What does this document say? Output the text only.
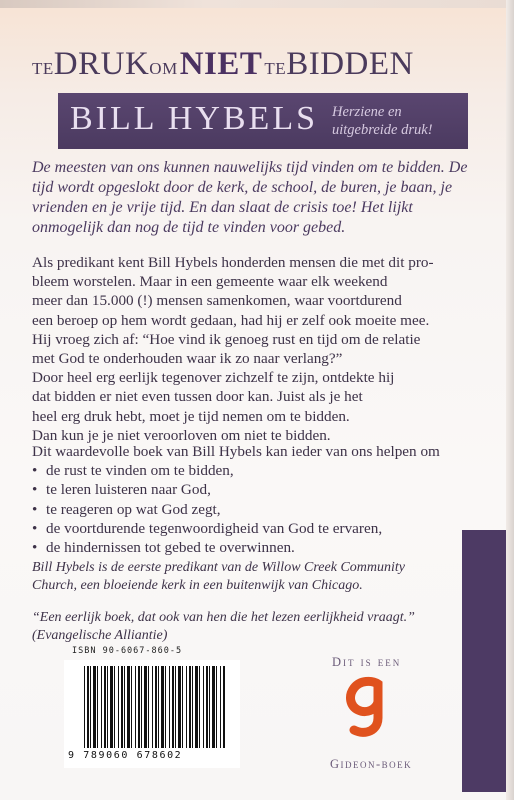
TE DRUK OM NIET TE BIDDEN
BILL HYBELS Herziene en uitgebreide druk!
De meesten van ons kunnen nauwelijks tijd vinden om te bidden. De tijd wordt opgeslokt door de kerk, de school, de buren, je baan, je vrienden en je vrije tijd. En dan slaat de crisis toe! Het lijkt onmogelijk dan nog de tijd te vinden voor gebed.

Als predikant kent Bill Hybels honderden mensen die met dit pro-

bleem worstelen. Maar in een gemeente waar elk weekend

meer dan 15.000 (!) mensen samenkomen, waar voortdurend

een beroep op hem wordt gedaan, had hij er zelf ook moeite mee.

Hij vroeg zich af: “Hoe vind ik genoeg rust en tijd om de relatie

met God te onderhouden waar ik zo naar verlang?”

Door heel erg eerlijk tegenover zichzelf te zijn, ontdekte hij

dat bidden er niet even tussen door kan. Juist als je het

heel erg druk hebt, moet je tijd nemen om te bidden.

Dan kun je je niet veroorloven om niet te bidden.

Dit waardevolle boek van Bill Hybels kan ieder van ons helpen om

• de rust te vinden om te bidden,
• te leren luisteren naar God,
• te reageren op wat God zegt,
• de voortdurende tegenwoordigheid van God te ervaren,
• de hindernissen tot gebed te overwinnen.
Bill Hybels is de eerste predikant van de Willow Creek Community Church, een bloeiende kerk in een buitenwijk van Chicago.
“Een eerlijk boek, dat ook van hen die het lezen eerlijkheid vraagt.”
(Evangelische Alliantie)
ISBN 90-6067-860-5
9 789060 678602
Dit is een
Gideon-boek
